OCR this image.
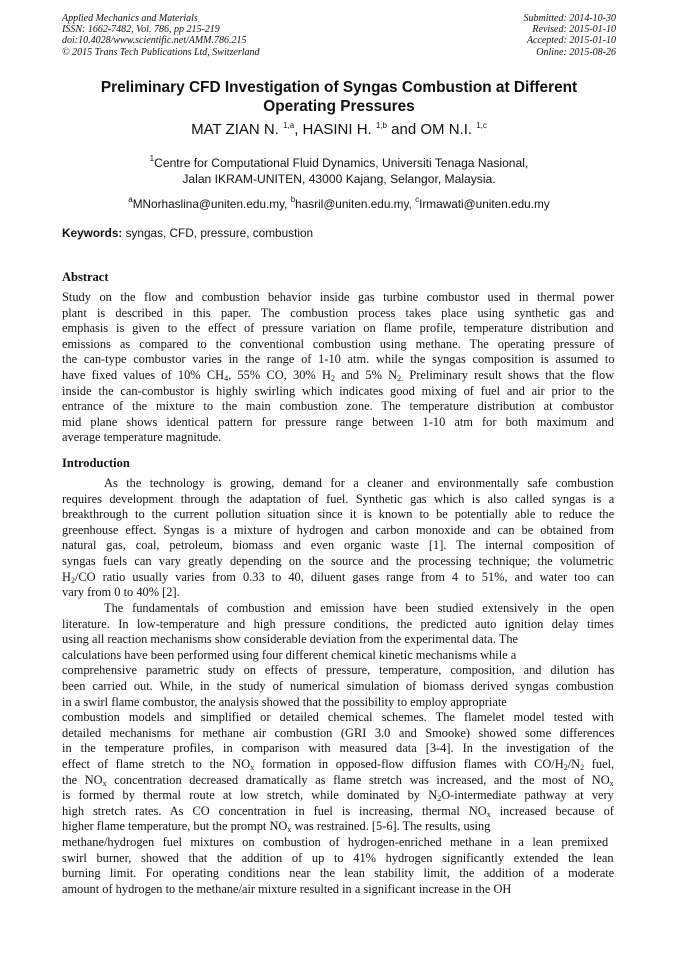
Applied Mechanics and Materials
ISSN: 1662-7482, Vol. 786, pp 215-219
doi:10.4028/www.scientific.net/AMM.786.215
© 2015 Trans Tech Publications Ltd, Switzerland
Submitted: 2014-10-30
Revised: 2015-01-10
Accepted: 2015-01-10
Online: 2015-08-26
Preliminary CFD Investigation of Syngas Combustion at Different
Operating Pressures
MAT ZIAN N. $^{1,a}$, HASINI H. $^{1,b}$ and OM N.I. $^{1,c}$
$^1$Centre for Computational Fluid Dynamics, Universiti Tenaga Nasional,
Jalan IKRAM-UNITEN, 43000 Kajang, Selangor, Malaysia.
$^a$MNorhaslina@uniten.edu.my, $^b$hasril@uniten.edu.my, $^c$Irmawati@uniten.edu.my
Keywords: syngas, CFD, pressure, combustion
Abstract
Study on the flow and combustion behavior inside gas turbine combustor used in thermal power
plant is described in this paper. The combustion process takes place using synthetic gas and
emphasis is given to the effect of pressure variation on flame profile, temperature distribution and
emissions as compared to the conventional combustion using methane. The operating pressure of
the can-type combustor varies in the range of 1-10 atm. while the syngas composition is assumed to
have fixed values of 10% $CH_4$, 55% CO, 30% $H_2$ and 5% $N_{2.}$ Preliminary result shows that the flow
inside the can-combustor is highly swirling which indicates good mixing of fuel and air prior to the
entrance of the mixture to the main combustion zone. The temperature distribution at combustor
mid plane shows identical pattern for pressure range between 1-10 atm for both maximum and
average temperature magnitude.
Introduction
As the technology is growing, demand for a cleaner and environmentally safe combustion
requires development through the adaptation of fuel. Synthetic gas which is also called syngas is a
breakthrough to the current pollution situation since it is known to be potentially able to reduce the
greenhouse effect. Syngas is a mixture of hydrogen and carbon monoxide and can be obtained from
natural gas, coal, petroleum, biomass and even organic waste [1]. The internal composition of
syngas fuels can vary greatly depending on the source and the processing technique; the volumetric
$H_2/CO$ ratio usually varies from 0.33 to 40, diluent gases range from 4 to 51%, and water too can
vary from 0 to 40% [2].
The fundamentals of combustion and emission have been studied extensively in the open
literature. In low-temperature and high pressure conditions, the predicted auto ignition delay times
using all reaction mechanisms show considerable deviation from the experimental data. The
calculations have been performed using four different chemical kinetic mechanisms while a
comprehensive parametric study on effects of pressure, temperature, composition, and dilution has
been carried out. While, in the study of numerical simulation of biomass derived syngas combustion
in a swirl flame combustor, the analysis showed that the possibility to employ appropriate
combustion models and simplified or detailed chemical schemes. The flamelet model tested with
detailed mechanisms for methane air combustion (GRI 3.0 and Smooke) showed some differences
in the temperature profiles, in comparison with measured data [3-4]. In the investigation of the
effect of flame stretch to the $NO_x$ formation in opposed-flow diffusion flames with $CO/H_2/N_2$ fuel,
the $NO_x$ concentration decreased dramatically as flame stretch was increased, and the most of $NO_x$
is formed by thermal route at low stretch, while dominated by $N_2O$-intermediate pathway at very
high stretch rates. As CO concentration in fuel is increasing, thermal $NO_x$ increased because of
higher flame temperature, but the prompt $NO_x$ was restrained. [5-6]. The results, using
methane/hydrogen fuel mixtures on combustion of hydrogen-enriched methane in a lean premixed
swirl burner, showed that the addition of up to 41% hydrogen significantly extended the lean
burning limit. For operating conditions near the lean stability limit, the addition of a moderate
amount of hydrogen to the methane/air mixture resulted in a significant increase in the OH
